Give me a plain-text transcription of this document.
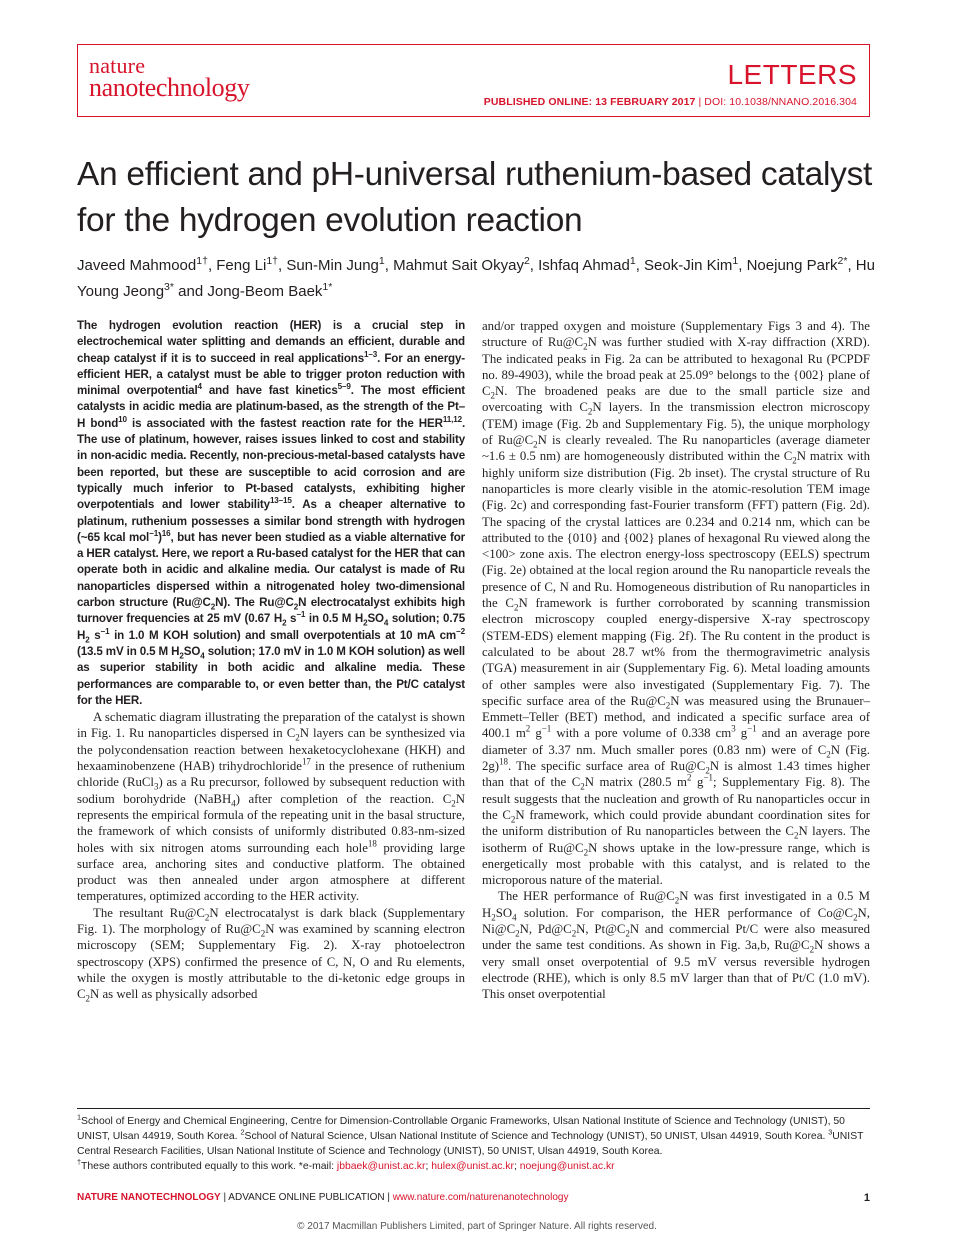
nature
nanotechnology	LETTERS
PUBLISHED ONLINE: 13 FEBRUARY 2017 | DOI: 10.1038/NNANO.2016.304
An efficient and pH-universal ruthenium-based catalyst for the hydrogen evolution reaction
Javeed Mahmood$^{1\dagger}$, Feng $Li^{1\dagger}$, Sun-Min Jung$^1$, Mahmut Sait Okyay$^2$, Ishfaq Ahmad$^1$, Seok-Jin Kim$^1$, Noejung Park$^{2*}$, Hu Young Jeong$^{3*}$ and Jong-Beom Baek$^{1*}$

The hydrogen evolution reaction (HER) is a crucial step in electrochemical water splitting and demands an efficient, durable and cheap catalyst if it is to succeed in real applications$^{1-3}$. For an energy-efficient HER, a catalyst must be able to trigger proton reduction with minimal overpotential$^4$ and have fast kinetics$^{5-9}$. The most efficient catalysts in acidic media are platinum-based, as the strength of the Pt–H bond$^{10}$ is associated with the fastest reaction rate for the HER$^{11,12}$. The use of platinum, however, raises issues linked to cost and stability in non-acidic media. Recently, non-precious-metal-based catalysts have been reported, but these are susceptible to acid corrosion and are typically much inferior to Pt-based catalysts, exhibiting higher overpotentials and lower stability$^{13-15}$. As a cheaper alternative to platinum, ruthenium possesses a similar bond strength with hydrogen (~65 kcal mol$^{-1}$)$^{16}$, but has never been studied as a viable alternative for a HER catalyst. Here, we report a Ru-based catalyst for the HER that can operate both in acidic and alkaline media. Our catalyst is made of Ru nanoparticles dispersed within a nitrogenated holey two-dimensional carbon structure $(Ru@C_2N)$. The $Ru@C_2N$ electrocatalyst exhibits high turnover frequencies at 25 mV (0.67 $H_2$ $s^{-1}$ in 0.5 M $H_2SO_4$ solution; 0.75 $H_2$ $s^{-1}$ in 1.0 M KOH solution) and small overpotentials at 10 mA $cm^{-2}$ (13.5 mV in 0.5 M $H_2SO_4$ solution; 17.0 mV in 1.0 M KOH solution) as well as superior stability in both acidic and alkaline media. These performances are comparable to, or even better than, the Pt/C catalyst for the HER.

A schematic diagram illustrating the preparation of the catalyst is shown in Fig. 1. Ru nanoparticles dispersed in $C_2N$ layers can be synthesized via the polycondensation reaction between hexaketocyclohexane (HKH) and hexaaminobenzene (HAB) trihydrochloride$^{17}$ in the presence of ruthenium chloride (RuCl$_3$) as a Ru precursor, followed by subsequent reduction with sodium borohydride (NaBH$_4$) after completion of the reaction. $C_2N$ represents the empirical formula of the repeating unit in the basal structure, the framework of which consists of uniformly distributed 0.83-nm-sized holes with six nitrogen atoms surrounding each hole$^{18}$ providing large surface area, anchoring sites and conductive platform. The obtained product was then annealed under argon atmosphere at different temperatures, optimized according to the HER activity.

The resultant $Ru@C_2N$ electrocatalyst is dark black (Supplementary Fig. 1). The morphology of $Ru@C_2N$ was examined by scanning electron microscopy (SEM; Supplementary Fig. 2). X-ray photoelectron spectroscopy (XPS) confirmed the presence of C, N, O and Ru elements, while the oxygen is mostly attributable to the di-ketonic edge groups in $C_2N$ as well as physically adsorbed

and/or trapped oxygen and moisture (Supplementary Figs 3 and 4). The structure of $Ru@C_2N$ was further studied with X-ray diffraction (XRD). The indicated peaks in Fig. 2a can be attributed to hexagonal Ru (PCPDF no. 89-4903), while the broad peak at 25.09° belongs to the {002} plane of $C_2N$. The broadened peaks are due to the small particle size and overcoating with $C_2N$ layers. In the transmission electron microscopy (TEM) image (Fig. 2b and Supplementary Fig. 5), the unique morphology of $Ru@C_2N$ is clearly revealed. The Ru nanoparticles (average diameter ~1.6 ± 0.5 nm) are homogeneously distributed within the $C_2N$ matrix with highly uniform size distribution (Fig. 2b inset). The crystal structure of Ru nanoparticles is more clearly visible in the atomic-resolution TEM image (Fig. 2c) and corresponding fast-Fourier transform (FFT) pattern (Fig. 2d). The spacing of the crystal lattices are 0.234 and 0.214 nm, which can be attributed to the {010} and {002} planes of hexagonal Ru viewed along the <100> zone axis. The electron energy-loss spectroscopy (EELS) spectrum (Fig. 2e) obtained at the local region around the Ru nanoparticle reveals the presence of C, N and Ru. Homogeneous distribution of Ru nanoparticles in the $C_2N$ framework is further corroborated by scanning transmission electron microscopy coupled energy-dispersive X-ray spectroscopy (STEM-EDS) element mapping (Fig. 2f). The Ru content in the product is calculated to be about 28.7 wt% from the thermogravimetric analysis (TGA) measurement in air (Supplementary Fig. 6). Metal loading amounts of other samples were also investigated (Supplementary Fig. 7). The specific surface area of the $Ru@C_2N$ was measured using the Brunauer–Emmett–Teller (BET) method, and indicated a specific surface area of 400.1 $m^2$ $g^{-1}$ with a pore volume of 0.338 $cm^3$ $g^{-1}$ and an average pore diameter of 3.37 nm. Much smaller pores (0.83 nm) were of $C_2N$ (Fig. 2g)$^{18}$. The specific surface area of $Ru@C_2N$ is almost 1.43 times higher than that of the $C_2N$ matrix (280.5 $m^2$ $g^{-1}$; Supplementary Fig. 8). The result suggests that the nucleation and growth of Ru nanoparticles occur in the $C_2N$ framework, which could provide abundant coordination sites for the uniform distribution of Ru nanoparticles between the $C_2N$ layers. The isotherm of $Ru@C_2N$ shows uptake in the low-pressure range, which is energetically most probable with this catalyst, and is related to the microporous nature of the material.

The HER performance of $Ru@C_2N$ was first investigated in a 0.5 M $H_2SO_4$ solution. For comparison, the HER performance of $Co@C_2N$, $Ni@C_2N$, $Pd@C_2N$, $Pt@C_2N$ and commercial Pt/C were also measured under the same test conditions. As shown in Fig. 3a,b, $Ru@C_2N$ shows a very small onset overpotential of 9.5 mV versus reversible hydrogen electrode (RHE), which is only 8.5 mV larger than that of Pt/C (1.0 mV). This onset overpotential

$^1$School of Energy and Chemical Engineering, Centre for Dimension-Controllable Organic Frameworks, Ulsan National Institute of Science and Technology (UNIST), 50 UNIST, Ulsan 44919, South Korea. $^2$School of Natural Science, Ulsan National Institute of Science and Technology (UNIST), 50 UNIST, Ulsan 44919, South Korea. $^3$UNIST Central Research Facilities, Ulsan National Institute of Science and Technology (UNIST), 50 UNIST, Ulsan 44919, South Korea.
†These authors contributed equally to this work. *e-mail: jbbaek@unist.ac.kr; hulex@unist.ac.kr; noejung@unist.ac.kr
NATURE NANOTECHNOLOGY | ADVANCE ONLINE PUBLICATION | www.nature.com/naturenanotechnology	1
© 2017 Macmillan Publishers Limited, part of Springer Nature. All rights reserved.
